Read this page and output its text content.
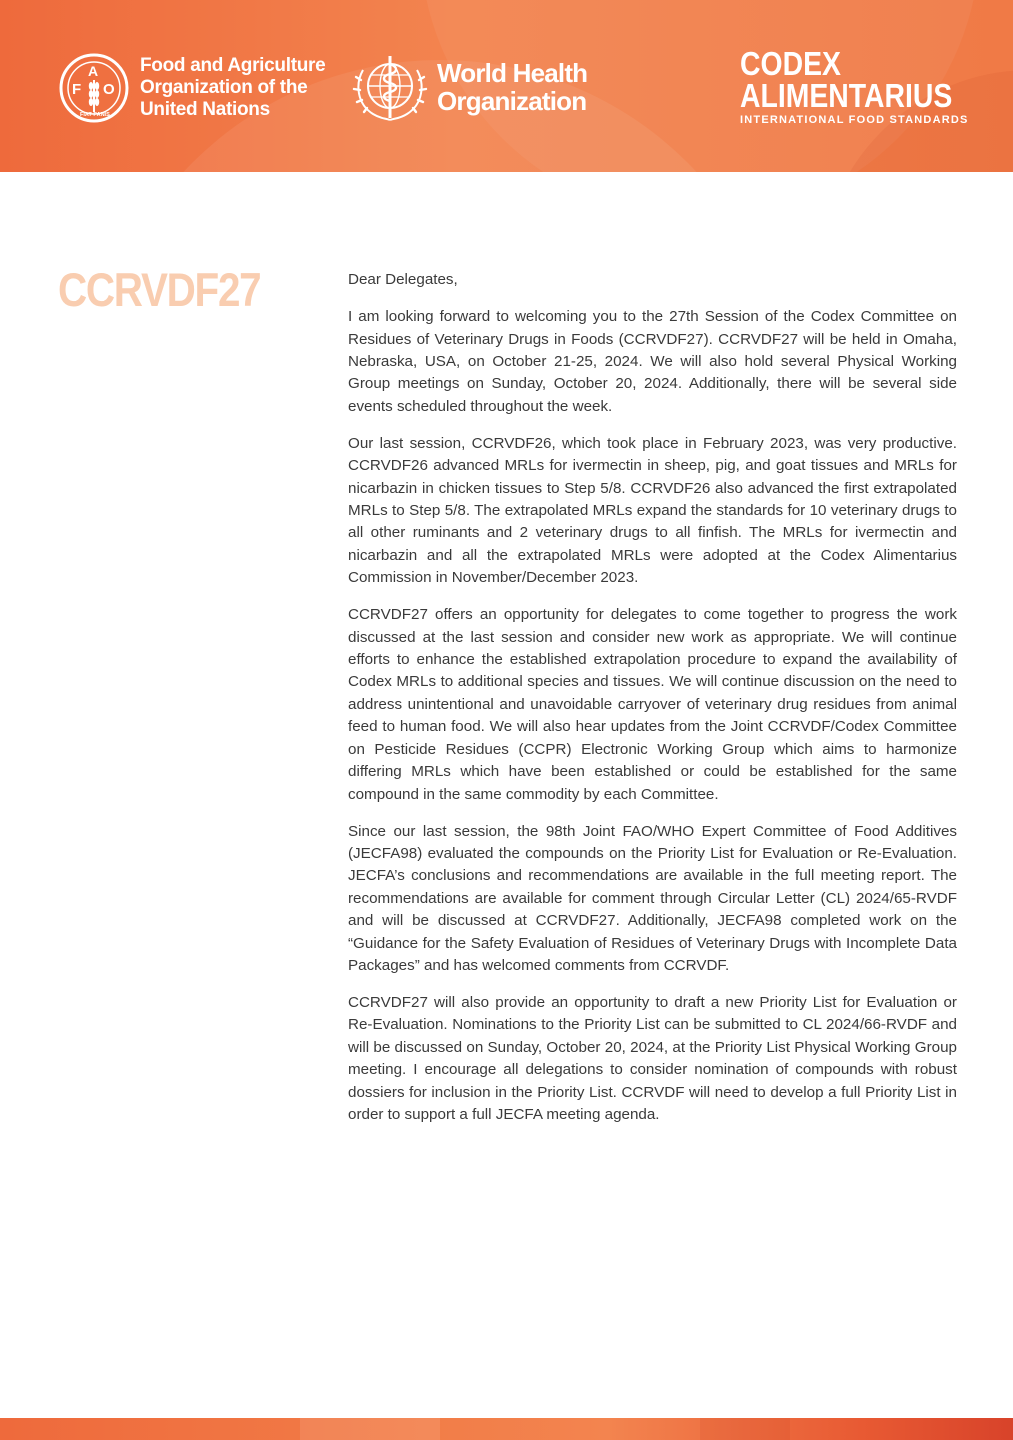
F
A
O
FIAT PANIS
Food and Agriculture
Organization of the
United Nations
World Health
Organization
CODEX
ALIMENTARIUS
INTERNATIONAL FOOD STANDARDS
CCRVDF27	Dear Delegates,

I am looking forward to welcoming you to the 27th Session of the Codex Committee on Residues of Veterinary Drugs in Foods (CCRVDF27). CCRVDF27 will be held in Omaha, Nebraska, USA, on October 21-25, 2024. We will also hold several Physical Working Group meetings on Sunday, October 20, 2024. Additionally, there will be several side events scheduled throughout the week.

Our last session, CCRVDF26, which took place in February 2023, was very productive. CCRVDF26 advanced MRLs for ivermectin in sheep, pig, and goat tissues and MRLs for nicarbazin in chicken tissues to Step 5/8. CCRVDF26 also advanced the first extrapolated MRLs to Step 5/8. The extrapolated MRLs expand the standards for 10 veterinary drugs to all other ruminants and 2 veterinary drugs to all finfish. The MRLs for ivermectin and nicarbazin and all the extrapolated MRLs were adopted at the Codex Alimentarius Commission in November/December 2023.

CCRVDF27 offers an opportunity for delegates to come together to progress the work discussed at the last session and consider new work as appropriate. We will continue efforts to enhance the established extrapolation procedure to expand the availability of Codex MRLs to additional species and tissues. We will continue discussion on the need to address unintentional and unavoidable carryover of veterinary drug residues from animal feed to human food. We will also hear updates from the Joint CCRVDF/Codex Committee on Pesticide Residues (CCPR) Electronic Working Group which aims to harmonize differing MRLs which have been established or could be established for the same compound in the same commodity by each Committee.

Since our last session, the 98th Joint FAO/WHO Expert Committee of Food Additives (JECFA98) evaluated the compounds on the Priority List for Evaluation or Re-Evaluation. JECFA’s conclusions and recommendations are available in the full meeting report. The recommendations are available for comment through Circular Letter (CL) 2024/65-RVDF and will be discussed at CCRVDF27. Additionally, JECFA98 completed work on the “Guidance for the Safety Evaluation of Residues of Veterinary Drugs with Incomplete Data Packages” and has welcomed comments from CCRVDF.

CCRVDF27 will also provide an opportunity to draft a new Priority List for Evaluation or Re-Evaluation. Nominations to the Priority List can be submitted to CL 2024/66-RVDF and will be discussed on Sunday, October 20, 2024, at the Priority List Physical Working Group meeting. I encourage all delegations to consider nomination of compounds with robust dossiers for inclusion in the Priority List. CCRVDF will need to develop a full Priority List in order to support a full JECFA meeting agenda.
